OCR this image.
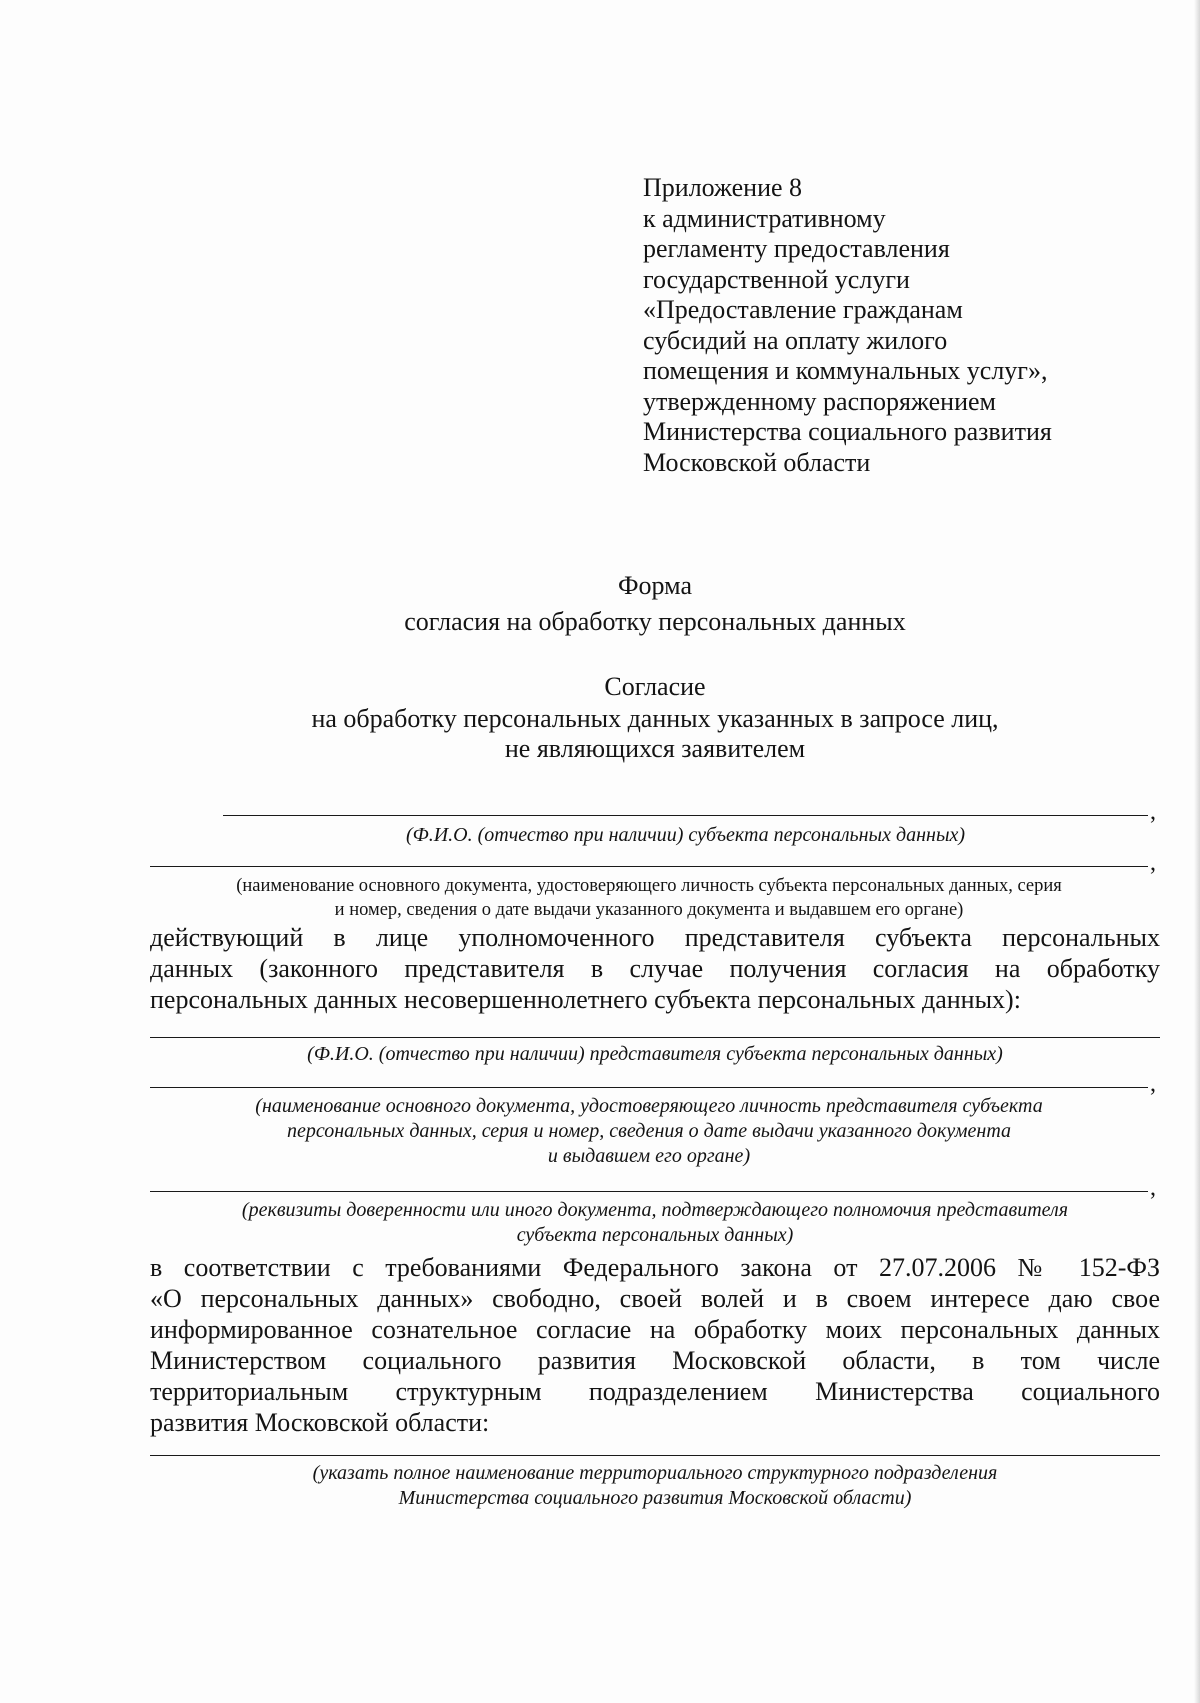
Приложение 8
к административному
регламенту предоставления
государственной услуги
«Предоставление гражданам
субсидий на оплату жилого
помещения и коммунальных услуг»,
утвержденному распоряжением
Министерства социального развития
Московской области
Форма
согласия на обработку персональных данных
Согласие
на обработку персональных данных указанных в запросе лиц,
не являющихся заявителем
,
(Ф.И.О. (отчество при наличии) субъекта персональных данных)
,
(наименование основного документа, удостоверяющего личность субъекта персональных данных, серия
и номер, сведения о дате выдачи указанного документа и выдавшем его органе)
действующий в лице уполномоченного представителя субъекта персональных
данных (законного представителя в случае получения согласия на обработку
персональных данных несовершеннолетнего субъекта персональных данных):
(Ф.И.О. (отчество при наличии) представителя субъекта персональных данных)
,
(наименование основного документа, удостоверяющего личность представителя субъекта
персональных данных, серия и номер, сведения о дате выдачи указанного документа
и выдавшем его органе)
,
(реквизиты доверенности или иного документа, подтверждающего полномочия представителя
субъекта персональных данных)
в соответствии с требованиями Федерального закона от 27.07.2006 № 152-ФЗ
«О персональных данных» свободно, своей волей и в своем интересе даю свое
информированное сознательное согласие на обработку моих персональных данных
Министерством социального развития Московской области, в том числе
территориальным структурным подразделением Министерства социального
развития Московской области:
(указать полное наименование территориального структурного подразделения
Министерства социального развития Московской области)
